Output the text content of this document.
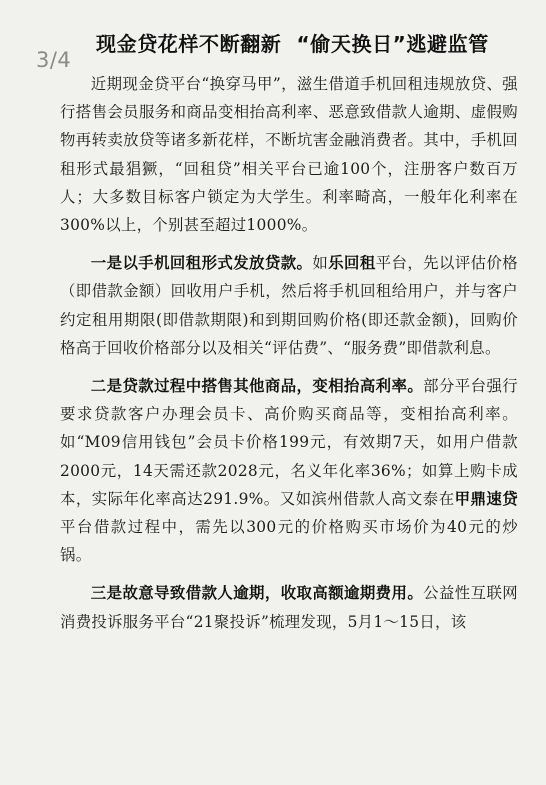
3/4
现金贷花样不断翻新  “偷天换日”逃避监管

近期现金贷平台“换穿马甲”，滋生借道手机回租违规放贷、强行搭售会员服务和商品变相抬高利率、恶意致借款人逾期、虚假购物再转卖放贷等诸多新花样，不断坑害金融消费者。其中，手机回租形式最猖獗，“回租贷”相关平台已逾100个，注册客户数百万人；大多数目标客户锁定为大学生。利率畸高，一般年化利率在300%以上，个别甚至超过1000%。

一是以手机回租形式发放贷款。如乐回租平台，先以评估价格（即借款金额）回收用户手机，然后将手机回租给用户，并与客户约定租用期限(即借款期限)和到期回购价格(即还款金额)，回购价格高于回收价格部分以及相关“评估费”、“服务费”即借款利息。

二是贷款过程中搭售其他商品，变相抬高利率。部分平台强行要求贷款客户办理会员卡、高价购买商品等，变相抬高利率。如“M09信用钱包”会员卡价格199元，有效期7天，如用户借款2000元，14天需还款2028元，名义年化率36%；如算上购卡成本，实际年化率高达291.9%。又如滨州借款人高文泰在甲鼎速贷平台借款过程中，需先以300元的价格购买市场价为40元的炒锅。

三是故意导致借款人逾期，收取高额逾期费用。公益性互联网消费投诉服务平台“21聚投诉”梳理发现，5月1～15日，该
